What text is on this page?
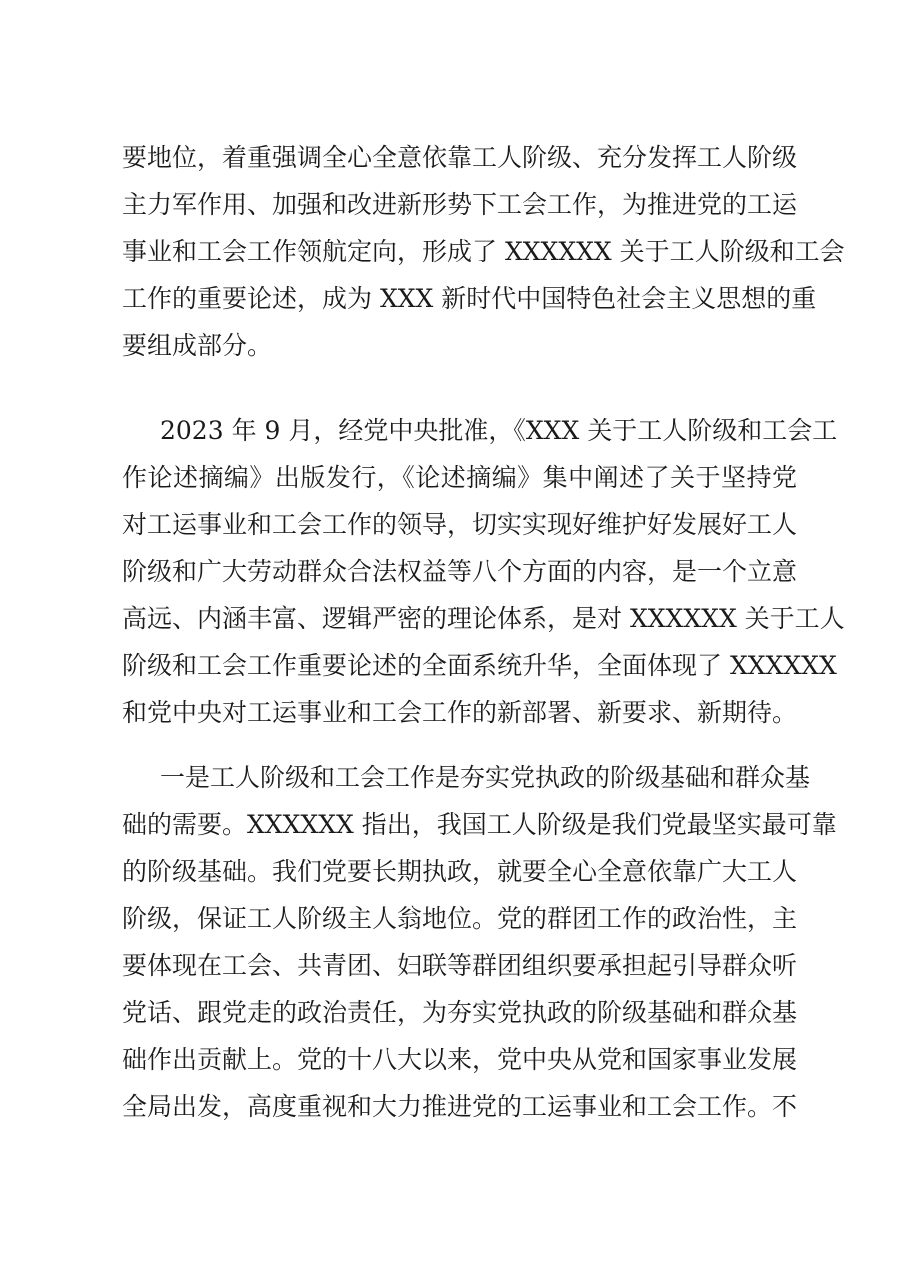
要地位，着重强调全心全意依靠工人阶级、充分发挥工人阶级
主力军作用、加强和改进新形势下工会工作，为推进党的工运
事业和工会工作领航定向，形成了 XXXXXX 关于工人阶级和工会
工作的重要论述，成为 XXX 新时代中国特色社会主义思想的重
要组成部分。
2023 年 9 月，经党中央批准，《XXX 关于工人阶级和工会工
作论述摘编》出版发行，《论述摘编》集中阐述了关于坚持党
对工运事业和工会工作的领导，切实实现好维护好发展好工人
阶级和广大劳动群众合法权益等八个方面的内容，是一个立意
高远、内涵丰富、逻辑严密的理论体系，是对 XXXXXX 关于工人
阶级和工会工作重要论述的全面系统升华，全面体现了 XXXXXX
和党中央对工运事业和工会工作的新部署、新要求、新期待。
一是工人阶级和工会工作是夯实党执政的阶级基础和群众基
础的需要。XXXXXX 指出，我国工人阶级是我们党最坚实最可靠
的阶级基础。我们党要长期执政，就要全心全意依靠广大工人
阶级，保证工人阶级主人翁地位。党的群团工作的政治性，主
要体现在工会、共青团、妇联等群团组织要承担起引导群众听
党话、跟党走的政治责任，为夯实党执政的阶级基础和群众基
础作出贡献上。党的十八大以来，党中央从党和国家事业发展
全局出发，高度重视和大力推进党的工运事业和工会工作。不
